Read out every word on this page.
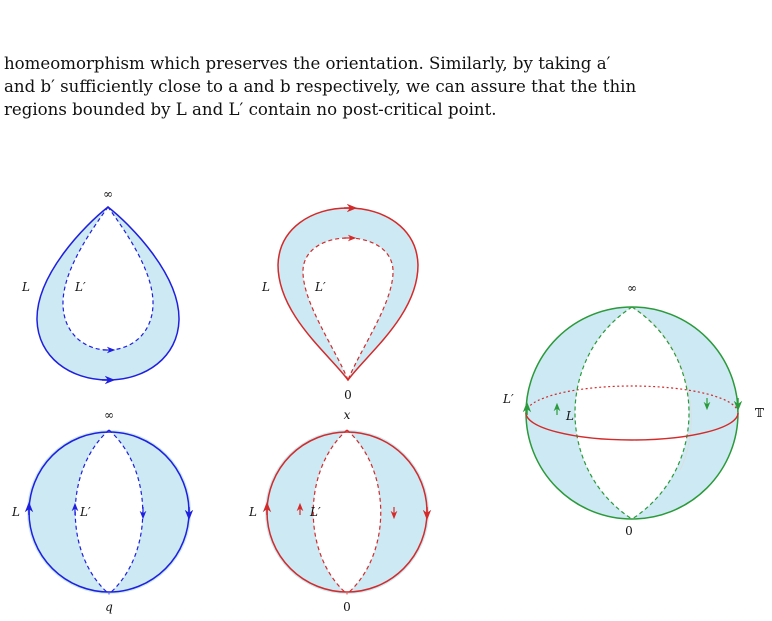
homeomorphism which preserves the orientation. Similarly, by taking a′
and b′ sufficiently close to a and b respectively, we can assure that the thin
regions bounded by L and L′ contain no post-critical point.
∞
L	L′
0
L	L′
∞
q
L	L′
x
0
L	L′
∞
0
L′
L	𝕋
